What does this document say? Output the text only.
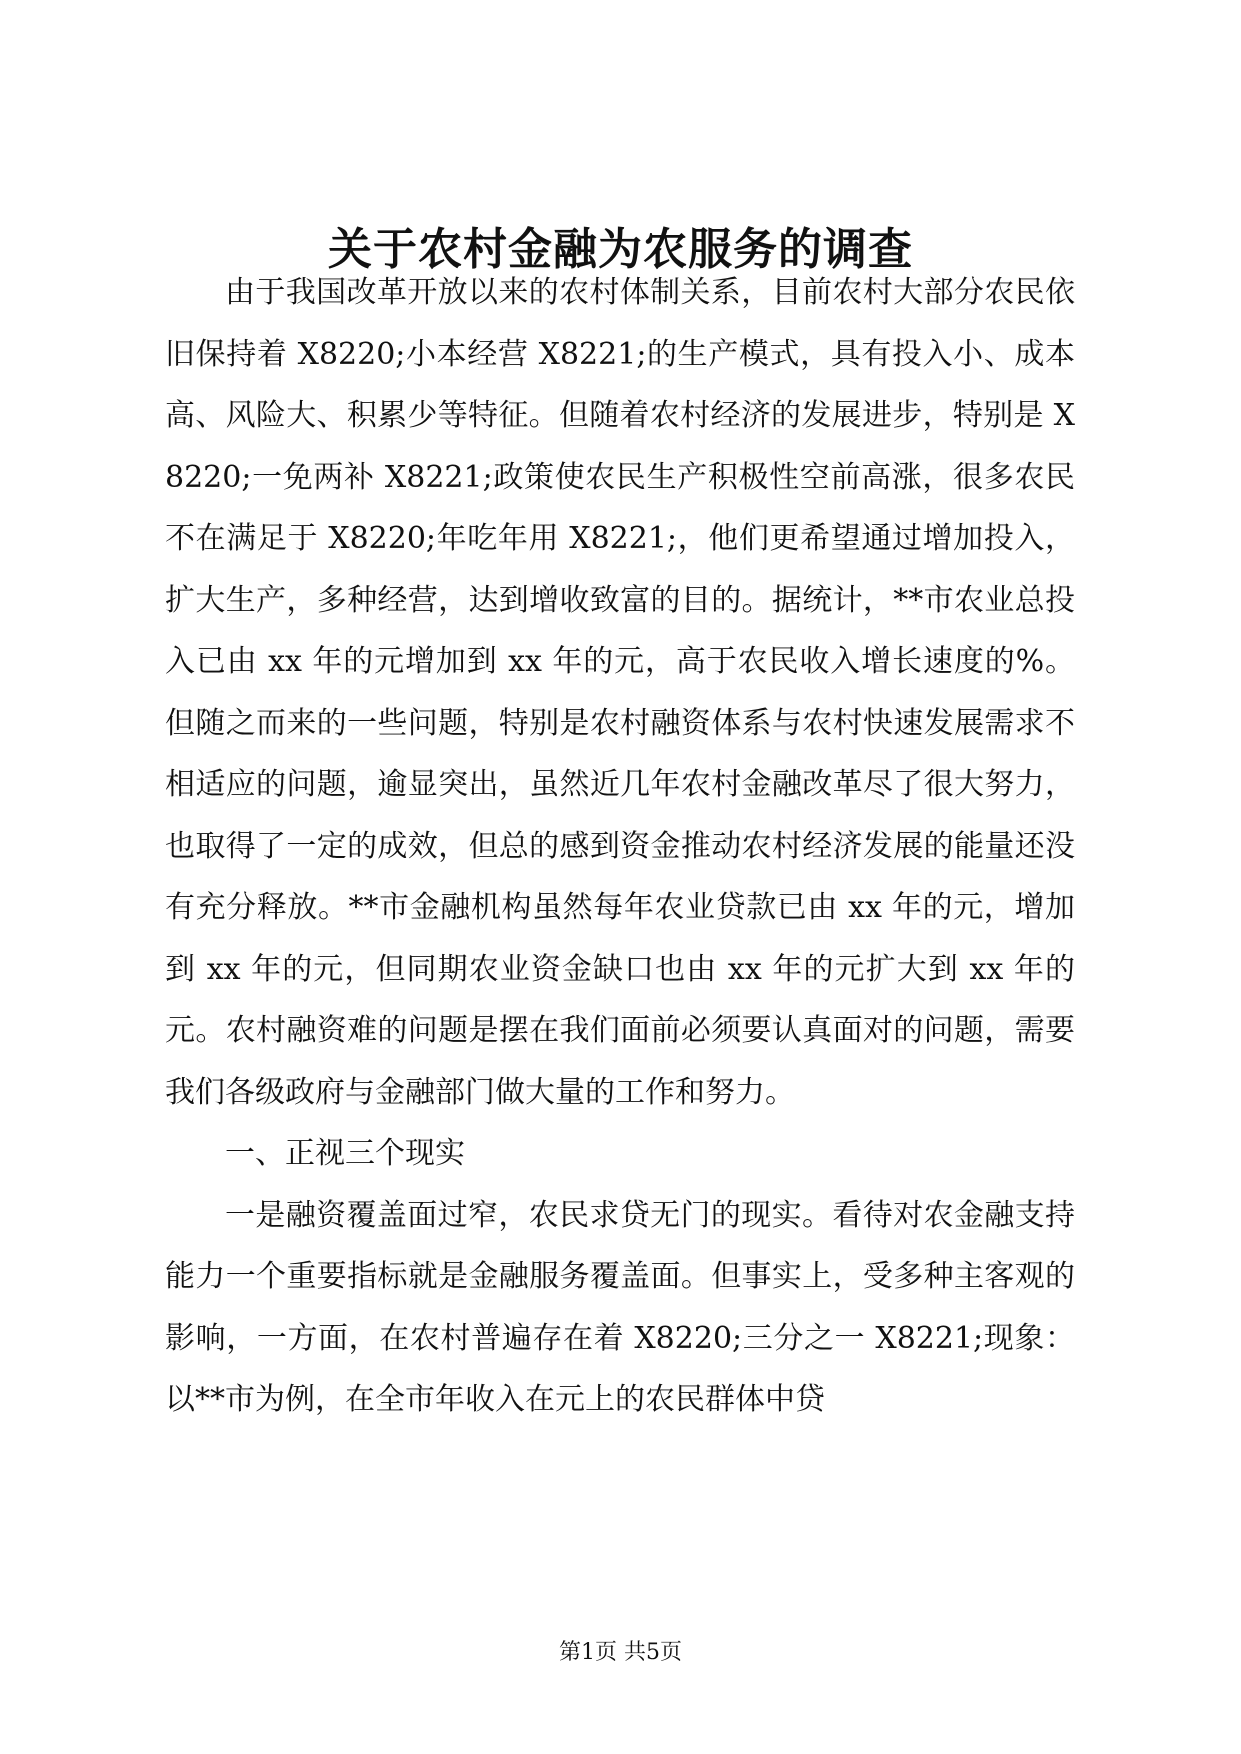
关于农村金融为农服务的调查

由于我国改革开放以来的农村体制关系，目前农村大部分农民依旧保持着 X8220;小本经营 X8221;的生产模式，具有投入小、成本高、风险大、积累少等特征。但随着农村经济的发展进步，特别是 X8220;一免两补 X8221;政策使农民生产积极性空前高涨，很多农民不在满足于 X8220;年吃年用 X8221;，他们更希望通过增加投入，扩大生产，多种经营，达到增收致富的目的。据统计，**市农业总投入已由 xx 年的元增加到 xx 年的元，高于农民收入增长速度的%。但随之而来的一些问题，特别是农村融资体系与农村快速发展需求不相适应的问题，逾显突出，虽然近几年农村金融改革尽了很大努力，也取得了一定的成效，但总的感到资金推动农村经济发展的能量还没有充分释放。**市金融机构虽然每年农业贷款已由 xx 年的元，增加到 xx 年的元，但同期农业资金缺口也由 xx 年的元扩大到 xx 年的元。农村融资难的问题是摆在我们面前必须要认真面对的问题，需要我们各级政府与金融部门做大量的工作和努力。

一、正视三个现实

一是融资覆盖面过窄，农民求贷无门的现实。看待对农金融支持能力一个重要指标就是金融服务覆盖面。但事实上，受多种主客观的影响，一方面，在农村普遍存在着 X8220;三分之一 X8221;现象：以**市为例，在全市年收入在元上的农民群体中贷

第1页 共5页
